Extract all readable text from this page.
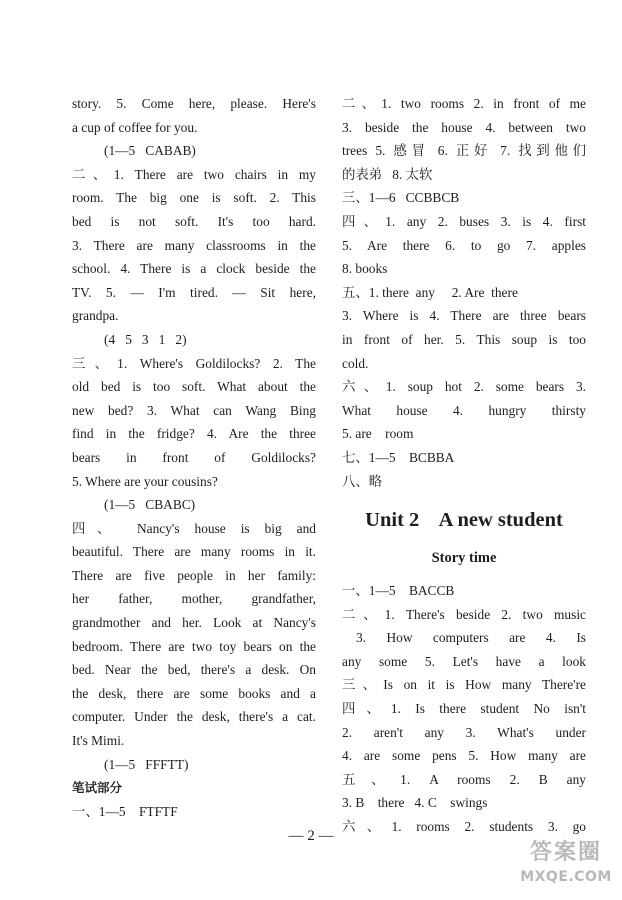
story. 5. Come here, please. Here's
a cup of coffee for you.
(1—5   CABAB)
二、1. There are two chairs in my
room. The big one is soft. 2. This
bed is not soft. It's too hard.
3. There are many classrooms in the
school. 4. There is a clock beside the
TV. 5. — I'm tired. — Sit here,
grandpa.
(4   5   3   1   2)
三、1. Where's Goldilocks? 2. The
old bed is too soft. What about the
new bed? 3. What can Wang Bing
find in the fridge? 4. Are the three
bears in front of Goldilocks?
5. Where are your cousins?
(1—5   CBABC)
四、 Nancy's house is big and
beautiful. There are many rooms in it.
There are five people in her family:
her father, mother, grandfather,
grandmother and her. Look at Nancy's
bedroom. There are two toy bears on the
bed. Near the bed, there's a desk. On
the desk, there are some books and a
computer. Under the desk, there's a cat.
It's Mimi.
(1—5   FFFTT)
笔试部分
一、1—5    FTFTF
二、1. two rooms 2. in front of me
3. beside the house 4. between two
trees 5. 感冒 6. 正好 7. 找到他们
的表弟   8. 太软
三、1—6   CCBBCB
四、1. any 2. buses 3. is 4. first
5. Are there 6. to go 7. apples
8. books
五、1. there  any     2. Are  there
3. Where is 4. There are three bears
in front of her. 5. This soup is too
cold.
六、1. soup hot 2. some bears 3.
What house 4. hungry thirsty
5. are    room
七、1—5    BCBBA
八、略
Unit 2    A new student
Story time
一、1—5    BACCB
二、1. There's beside 2. two music
3. How computers are 4. Is
any some 5. Let's have a look
三、Is on it is How many There're
四、1. Is there student No isn't
2. aren't any 3. What's under
4. are some pens 5. How many are
五、1. A rooms 2. B any
3. B    there   4. C    swings
六、1. rooms 2. students 3. go
— 2 —
答案圈
MXQE.COM
